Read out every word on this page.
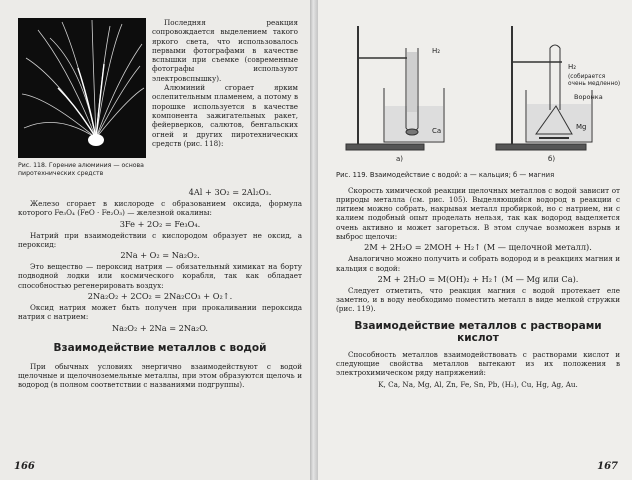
Последняя реакция сопровождается выделением такого яркого света, что использовалось первыми фотографами в качестве вспышки при съемке (современные фотографы используют электровспышку).

Алюминий сгорает ярким ослепительным пламенем, а потому в порошке используется в качестве компонента зажигательных ракет, фейерверков, салютов, бенгальских огней и других пиротехнических средств (рис. 118):

Рис. 118. Горение алюминия — основа пиротехнических средств

4Al + 3O₂ = 2Al₂O₃.

Железо сгорает в кислороде с образованием оксида, формула которого Fe₃O₄ (FeO · Fe₂O₃) — железной окалины:

3Fe + 2O₂ = Fe₃O₄.

Натрий при взаимодействии с кислородом образует не оксид, а пероксид:

2Na + O₂ = Na₂O₂.

Это вещество — пероксид натрия — обязательный химикат на борту подводной лодки или космического корабля, так как обладает способностью регенерировать воздух:

2Na₂O₂ + 2CO₂ = 2Na₂CO₃ + O₂↑.

Оксид натрия может быть получен при прокаливании пероксида натрия с натрием:

Na₂O₂ + 2Na = 2Na₂O.

Взаимодействие металлов с водой

При обычных условиях энергично взаимодействуют с водой щелочные и щелочноземельные металлы, при этом образуются щелочь и водород (в полном соответствии с названиями подгруппы).

166
H₂
Ca
H₂
(собирается очень медленно)
Воронка
Mg
а)	б)

Рис. 119. Взаимодействие с водой: а — кальция; б — магния

Скорость химической реакции щелочных металлов с водой зависит от природы металла (см. рис. 105). Выделяющийся водород в реакции с литием можно собрать, накрывая металл пробиркой, но с натрием, ни с калием подобный опыт проделать нельзя, так как водород выделяется очень активно и может загореться. В этом случае возможен взрыв и выброс щелочи:

2M + 2H₂O = 2MOH + H₂↑ (M — щелочной металл).

Аналогично можно получить и собрать водород и в реакциях магния и кальция с водой:

2M + 2H₂O = M(OH)₂ + H₂↑ (M — Mg или Ca).

Следует отметить, что реакция магния с водой протекает еле заметно, и в воду необходимо поместить металл в виде мелкой стружки (рис. 119).

Взаимодействие металлов с растворами кислот

Способность металлов взаимодействовать с растворами кислот и следующие свойства металлов вытекают из их положения в электрохимическом ряду напряжений:

K, Ca, Na, Mg, Al, Zn, Fe, Sn, Pb, (H₂), Cu, Hg, Ag, Au.

167
